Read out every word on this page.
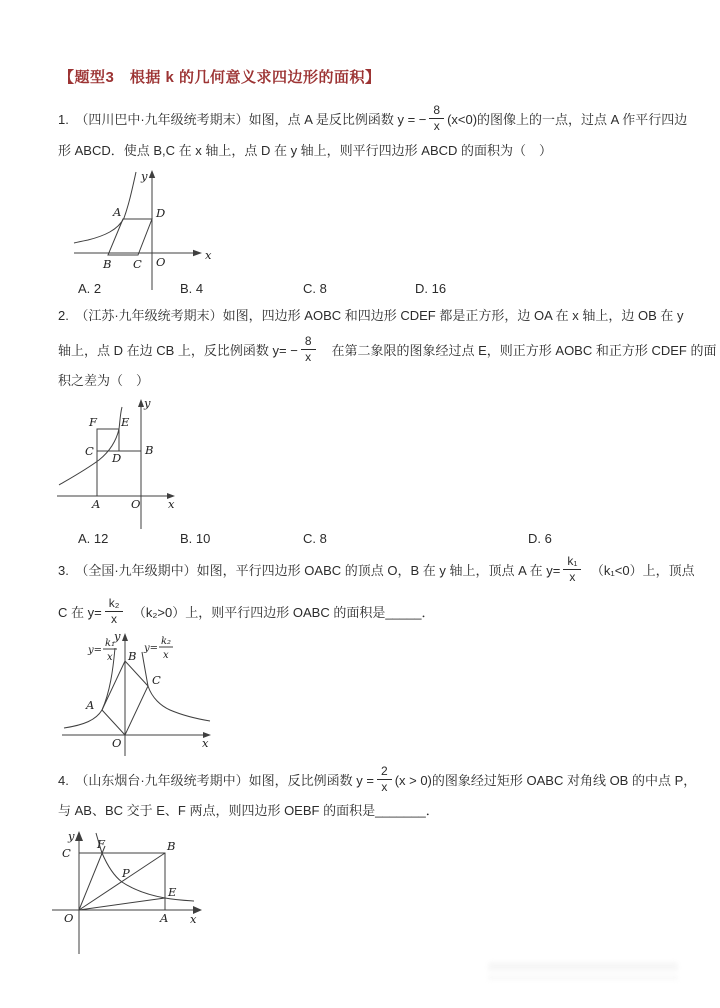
【题型3　根据 k 的几何意义求四边形的面积】
1.　（四川巴中·九年级统考期末）如图，点 A 是反比例函数 y = − $\frac{8}{x} (x<0)$的图像上的一点，过点 A 作平行四边
形 ABCD．使点 B,C 在 x 轴上，点 D 在 y 轴上，则平行四边形 ABCD 的面积为（　）
y
x
O
A
B C
D
A. 2	B. 4	C. 8	D. 16
2.　（江苏·九年级统考期末）如图，四边形 AOBC 和四边形 CDEF 都是正方形，边 OA 在 x 轴上，边 OB 在 y
轴上，点 D 在边 CB 上，反比例函数 $y= - \frac{8}{x}$ 　在第二象限的图象经过点 E，则正方形 AOBC 和正方形 CDEF 的面
积之差为（　）
y
x
O
A
B
C D
E
F
A. 12	B. 10	C. 8	D. 6
3.　（全国·九年级期中）如图，平行四边形 OABC 的顶点 O，B 在 y 轴上，顶点 A 在 $y= \frac{\text{k₁}}{x}$ 　（k₁<0）上，顶点
C 在 $y= \frac{\text{k₂}}{x}$ 　（k₂>0）上，则平行四边形 OABC 的面积是_____．
y
x
O
A
B
C
y=
k₁
x
y=
k₂
x
4.　（山东烟台·九年级统考期中）如图，反比例函数 $y = \frac{2}{x} (x > 0)$的图象经过矩形 OABC 对角线 OB 的中点 P，
与 AB、BC 交于 E、F 两点，则四边形 OEBF 的面积是_______．
y
x
O	A
B
C
F
P
E
